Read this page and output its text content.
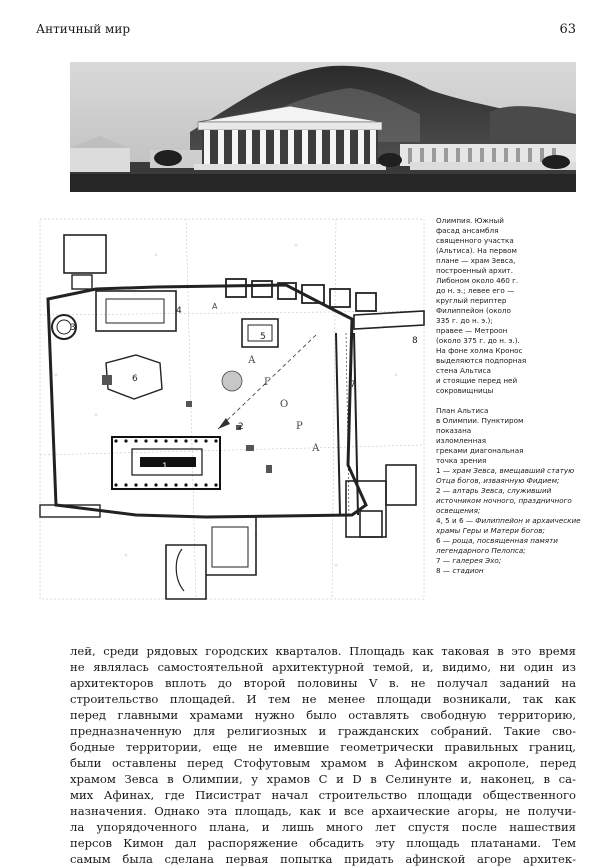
Античный мир	63
3
4
5
6
7
8
2
1
А
Г
О
Р
А
А
Олимпия. Южный
фасад ансамбля
священного участка
(Альтиса). На первом
плане — храм Зевса,
построенный архит.
Либоном около 460 г.
до н. э.; левее его —
круглый периптер
Филиппейон (около
335 г. до н. э.);
правее — Метроон
(около 375 г. до н. э.).
На фоне холма Кронос
выделяются подпорная
стена Альтиса
и стоящие перед ней
сокровищницы
План Альтиса
в Олимпии. Пунктиром
показана
изломленная
греками диагональная
точка зрения
1 — храм Зевса, вмещавший статую Отца богов, изваянную Фидием;
2 — алтарь Зевса, служивший источником ночного, праздничного освещения;
4, 5 и 6 — Филиппейон и архаические храмы Геры и Матери богов;
6 — роща, посвященная памяти легендарного Пелопса;
7 — галерея Эхо;
8 — стадион
лей, среди рядовых городских кварталов. Площадь как таковая в это время
не являлась самостоятельной архитектурной темой, и, видимо, ни один из
архитекторов вплоть до второй половины V в. не получал заданий на
строительство площадей. И тем не менее площади возникали, так как
перед главными храмами нужно было оставлять свободную территорию,
предназначенную для религиозных и гражданских собраний. Такие сво-
бодные территории, еще не имевшие геометрически правильных границ,
были оставлены перед Стофутовым храмом в Афинском акрополе, перед
храмом Зевса в Олимпии, у храмов C и D в Селинунте и, наконец, в са-
мих Афинах, где Писистрат начал строительство площади общественного
назначения. Однако эта площадь, как и все архаические агоры, не получи-
ла упорядоченного плана, и лишь много лет спустя после нашествия
персов Кимон дал распоряжение обсадить эту площадь платанами. Тем
самым была сделана первая попытка придать афинской агоре архитек-
